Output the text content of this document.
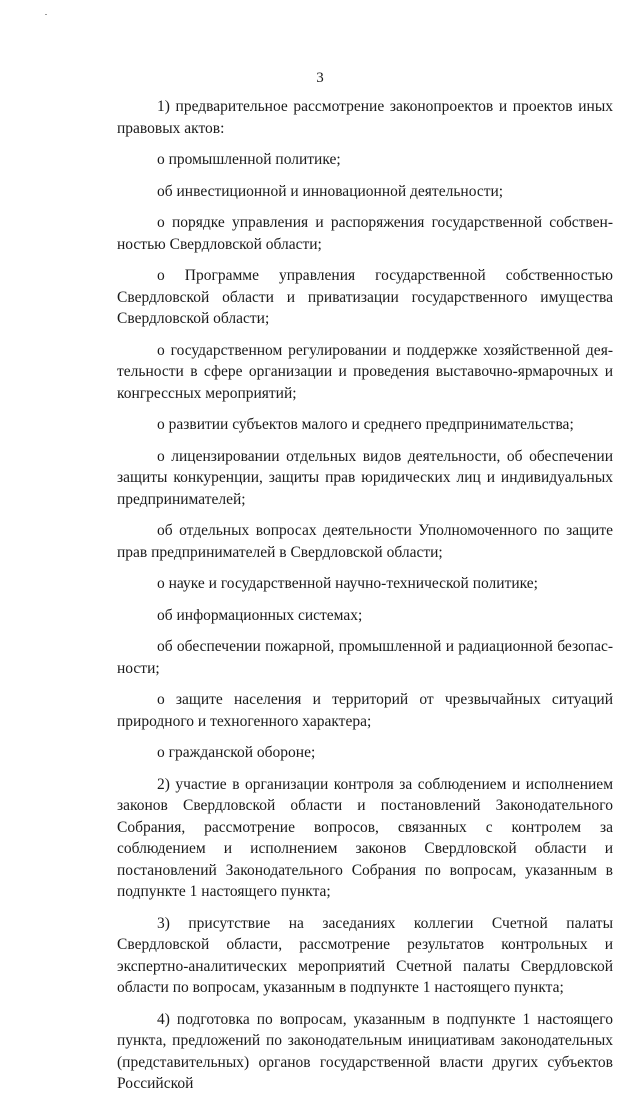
3

1) предварительное рассмотрение законопроектов и проектов иных правовых актов:

о промышленной политике;

об инвестиционной и инновационной деятельности;

о порядке управления и распоряжения государственной собственностью Свердловской области;

о Программе управления государственной собственностью Свердловской области и приватизации государственного имущества Свердловской области;

о государственном регулировании и поддержке хозяйственной деятельности в сфере организации и проведения выставочно-ярмарочных и конгрессных мероприятий;

о развитии субъектов малого и среднего предпринимательства;

о лицензировании отдельных видов деятельности, об обеспечении защиты конкуренции, защиты прав юридических лиц и индивидуальных предпринимателей;

об отдельных вопросах деятельности Уполномоченного по защите прав предпринимателей в Свердловской области;

о науке и государственной научно-технической политике;

об информационных системах;

об обеспечении пожарной, промышленной и радиационной безопасности;

о защите населения и территорий от чрезвычайных ситуаций природного и техногенного характера;

о гражданской обороне;

2) участие в организации контроля за соблюдением и исполнением законов Свердловской области и постановлений Законодательного Собрания, рассмотрение вопросов, связанных с контролем за соблюдением и исполнением законов Свердловской области и постановлений Законодательного Собрания по вопросам, указанным в подпункте 1 настоящего пункта;

3) присутствие на заседаниях коллегии Счетной палаты Свердловской области, рассмотрение результатов контрольных и экспертно-аналитических мероприятий Счетной палаты Свердловской области по вопросам, указанным в подпункте 1 настоящего пункта;

4) подготовка по вопросам, указанным в подпункте 1 настоящего пункта, предложений по законодательным инициативам законодательных (представительных) органов государственной власти других субъектов Российской
